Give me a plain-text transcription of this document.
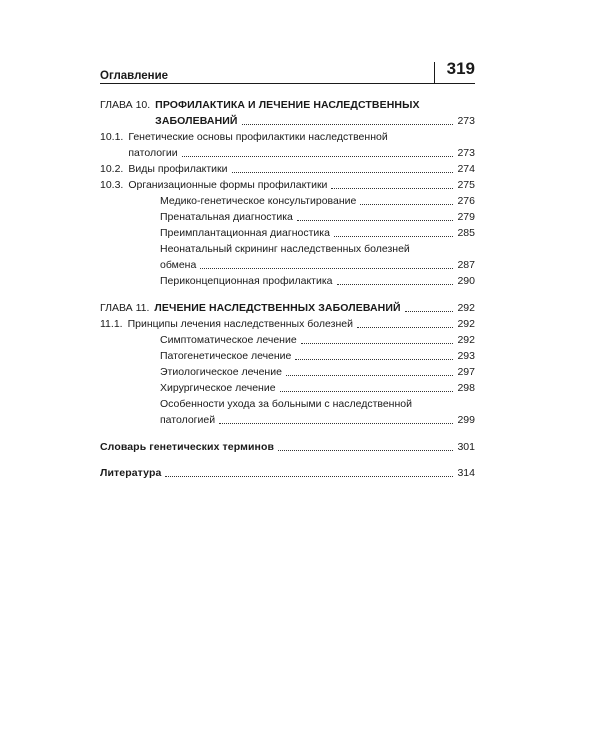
Оглавление	319
ГЛАВА 10. ПРОФИЛАКТИКА И ЛЕЧЕНИЕ НАСЛЕДСТВЕННЫХ
ЗАБОЛЕВАНИЙ	273
10.1. Генетические основы профилактики наследственной
патологии	273
10.2. Виды профилактики	274
10.3. Организационные формы профилактики	275
Медико-генетическое консультирование	276
Пренатальная диагностика	279
Преимплантационная диагностика	285
Неонатальный скрининг наследственных болезней
обмена	287
Периконцепционная профилактика	290
ГЛАВА 11. ЛЕЧЕНИЕ НАСЛЕДСТВЕННЫХ ЗАБОЛЕВАНИЙ	292
11.1. Принципы лечения наследственных болезней	292
Симптоматическое лечение	292
Патогенетическое лечение	293
Этиологическое лечение	297
Хирургическое лечение	298
Особенности ухода за больными с наследственной
патологией	299
Словарь генетических терминов	301
Литература	314
